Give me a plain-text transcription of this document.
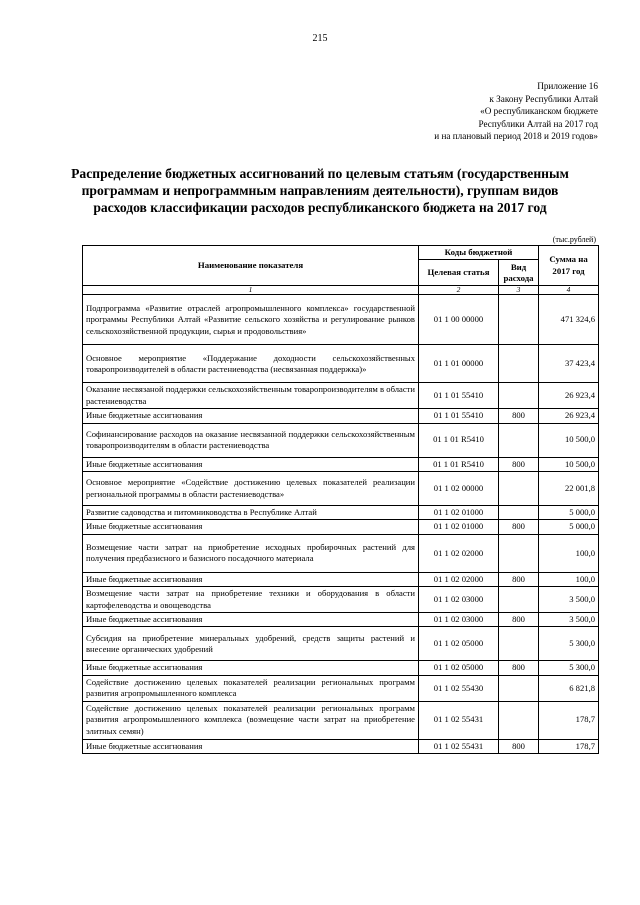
215
Приложение 16
к Закону Республики Алтай
«О республиканском бюджете
Республики Алтай на 2017 год
и на плановый период 2018 и 2019 годов»
Распределение бюджетных ассигнований по целевым статьям (государственным
программам и непрограммным направлениям деятельности), группам видов
расходов классификации расходов республиканского бюджета на 2017 год
(тыс.рублей)
Наименование показателя	Коды бюджетной		Сумма на 2017 год
	Целевая статья	Вид расхода	
1	2	3	4
Подпрограмма «Развитие отраслей агропромышленного комплекса» государственной программы Республики Алтай «Развитие сельского хозяйства и регулирование рынков сельскохозяйственной продукции, сырья и продовольствия»	01 1 00 00000		471 324,6
Основное мероприятие «Поддержание доходности сельскохозяйственных товаропроизводителей в области растениеводства (несвязанная поддержка)»	01 1 01 00000		37 423,4
Оказание несвязаной поддержки сельскохозяйственным товаропроизводителям в области растениеводства	01 1 01 55410		26 923,4
Иные бюджетные ассигнования	01 1 01 55410	800	26 923,4
Софинансирование расходов на оказание несвязанной поддержки сельскохозяйственным товаропроизводителям в области растениеводства	01 1 01 R5410		10 500,0
Иные бюджетные ассигнования	01 1 01 R5410	800	10 500,0
Основное мероприятие «Содействие достижению целевых показателей реализации региональной программы в области растениеводства»	01 1 02 00000		22 001,8
Развитие садоводства и питомниководства в Республике Алтай	01 1 02 01000		5 000,0
Иные бюджетные ассигнования	01 1 02 01000	800	5 000,0
Возмещение части затрат на приобретение исходных пробирочных растений для получения предбазисного и базисного посадочного материала	01 1 02 02000		100,0
Иные бюджетные ассигнования	01 1 02 02000	800	100,0
Возмещение части затрат на приобретение техники и оборудования в области картофелеводства и овощеводства	01 1 02 03000		3 500,0
Иные бюджетные ассигнования	01 1 02 03000	800	3 500,0
Субсидия на приобретение минеральных удобрений, средств защиты растений и внесение органических удобрений	01 1 02 05000		5 300,0
Иные бюджетные ассигнования	01 1 02 05000	800	5 300,0
Содействие достижению целевых показателей реализации региональных программ развития агропромышленного комплекса	01 1 02 55430		6 821,8
Содействие достижению целевых показателей реализации региональных программ развития агропромышленного комплекса (возмещение части затрат на приобретение элитных семян)	01 1 02 55431		178,7
Иные бюджетные ассигнования	01 1 02 55431	800	178,7
